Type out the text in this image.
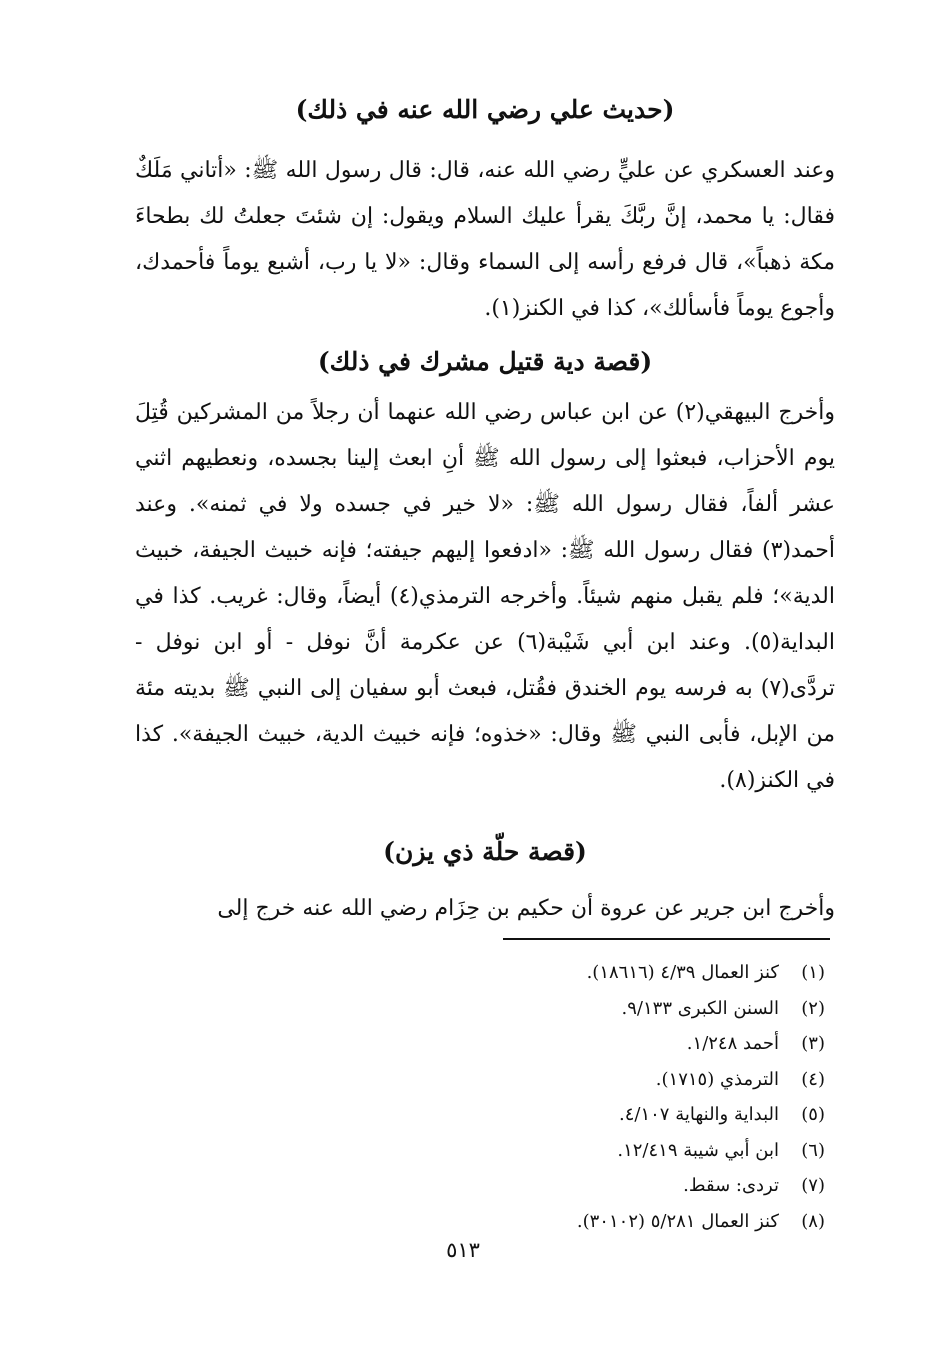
(حديث علي رضي الله عنه في ذلك)

وعند العسكري عن عليٍّ رضي الله عنه، قال: قال رسول الله ﷺ: «أتاني مَلَكٌ فقال: يا محمد، إنَّ ربَّكَ يقرأ عليك السلام ويقول: إن شئتَ جعلتُ لك بطحاءَ مكة ذهباً»، قال فرفع رأسه إلى السماء وقال: «لا يا رب، أشبع يوماً فأحمدك، وأجوع يوماً فأسألك»، كذا في الكنز(١).

(قصة دية قتيل مشرك في ذلك)

وأخرج البيهقي(٢) عن ابن عباس رضي الله عنهما أن رجلاً من المشركين قُتِلَ يوم الأحزاب، فبعثوا إلى رسول الله ﷺ أنِ ابعث إلينا بجسده، ونعطيهم اثني عشر ألفاً، فقال رسول الله ﷺ: «لا خير في جسده ولا في ثمنه». وعند أحمد(٣) فقال رسول الله ﷺ: «ادفعوا إليهم جيفته؛ فإنه خبيث الجيفة، خبيث الدية»؛ فلم يقبل منهم شيئاً. وأخرجه الترمذي(٤) أيضاً، وقال: غريب. كذا في البداية(٥). وعند ابن أبي شَيْبة(٦) عن عكرمة أنَّ نوفل - أو ابن نوفل - تردَّى(٧) به فرسه يوم الخندق فقُتل، فبعث أبو سفيان إلى النبي ﷺ بديته مئة من الإبل، فأبى النبي ﷺ وقال: «خذوه؛ فإنه خبيث الدية، خبيث الجيفة». كذا في الكنز(٨).

(قصة حلّة ذي يزن)

وأخرج ابن جرير عن عروة أن حكيم بن حِزَام رضي الله عنه خرج إلى

(١)
كنز العمال ٤/٣٩ (١٨٦١٦).
(٢)
السنن الكبرى ٩/١٣٣.
(٣)
أحمد ١/٢٤٨.
(٤)
الترمذي (١٧١٥).
(٥)
البداية والنهاية ٤/١٠٧.
(٦)
ابن أبي شيبة ١٢/٤١٩.
(٧)
تردى: سقط.
(٨)
كنز العمال ٥/٢٨١ (٣٠١٠٢).
٥١٣
